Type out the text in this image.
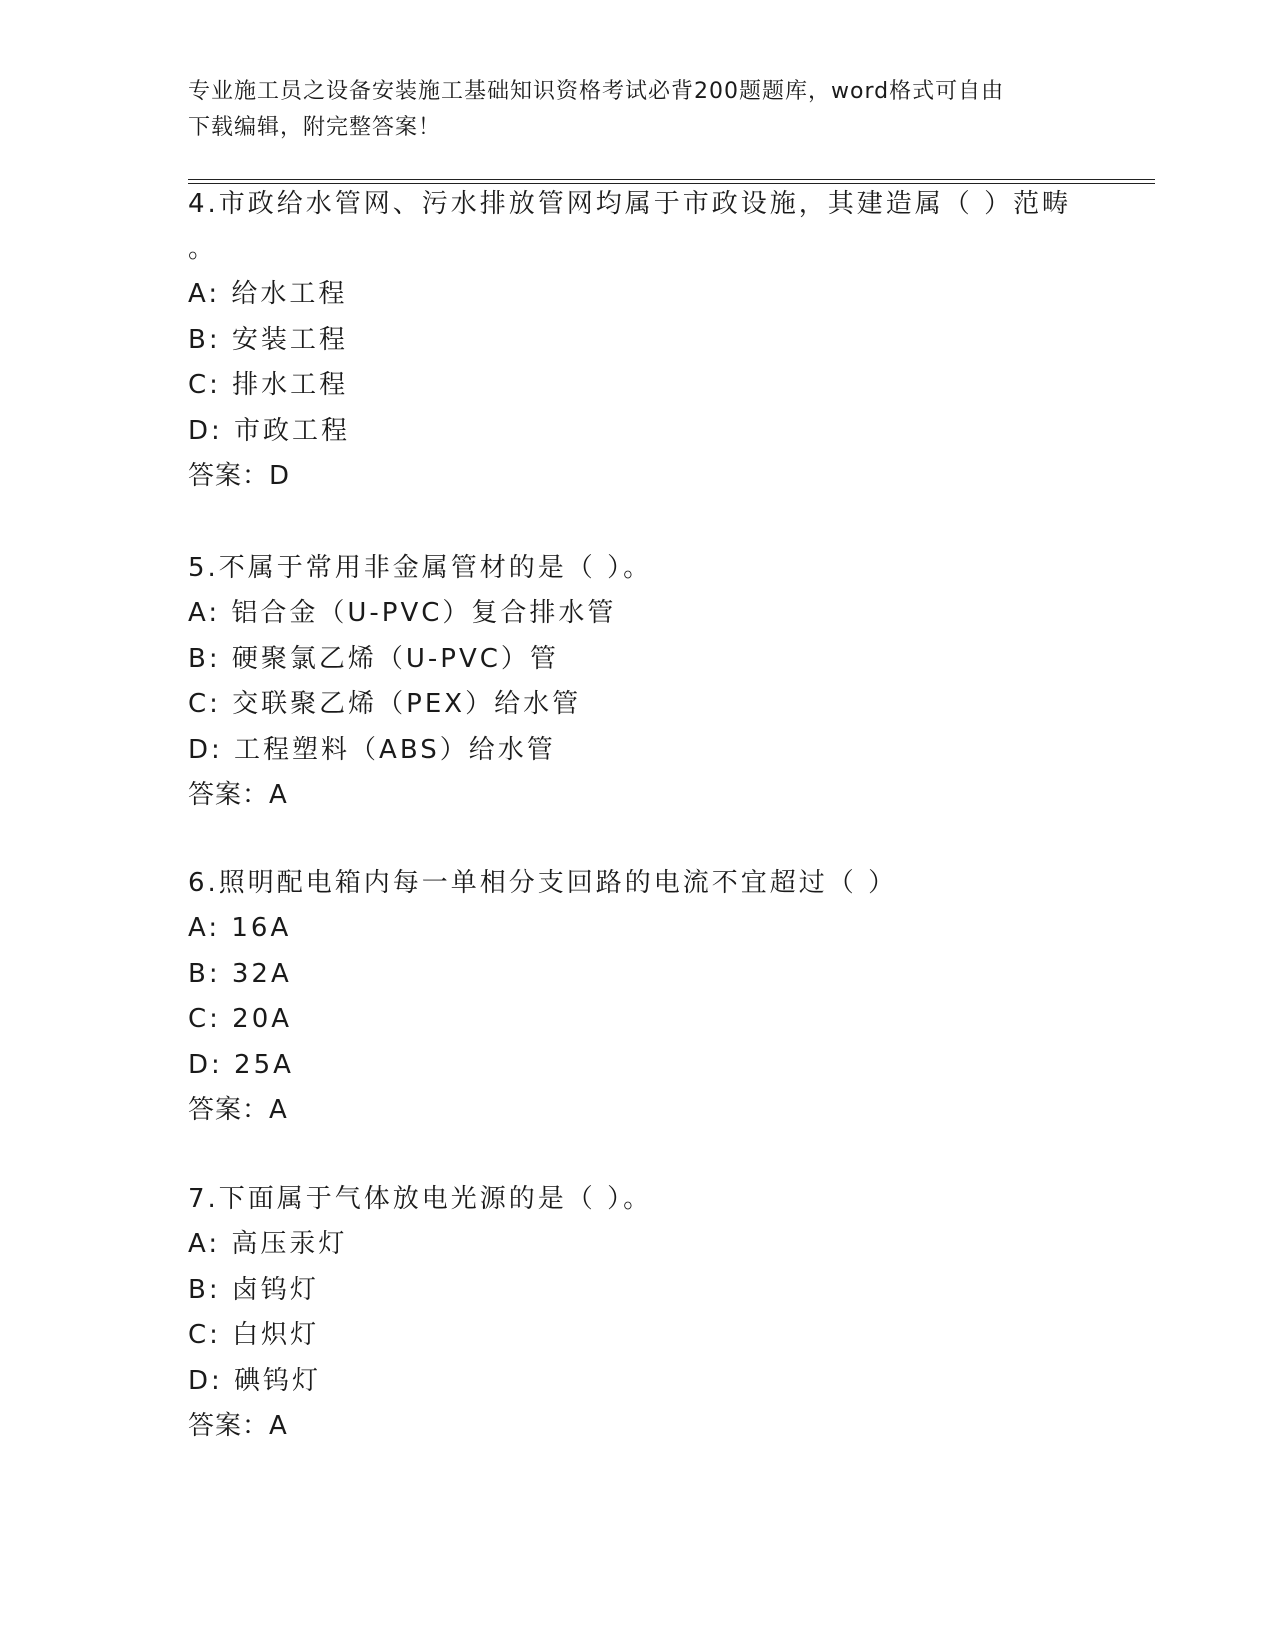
专业施工员之设备安装施工基础知识资格考试必背200题题库，word格式可自由
下载编辑，附完整答案！
4.市政给水管网、污水排放管网均属于市政设施，其建造属（ ）范畴
。
A: 给水工程
B: 安装工程
C: 排水工程
D: 市政工程
答案：D
5.不属于常用非金属管材的是（ ）。
A: 铝合金（U-PVC）复合排水管
B: 硬聚氯乙烯（U-PVC）管
C: 交联聚乙烯（PEX）给水管
D: 工程塑料（ABS）给水管
答案：A
6.照明配电箱内每一单相分支回路的电流不宜超过（ ）
A: 16A
B: 32A
C: 20A
D: 25A
答案：A
7.下面属于气体放电光源的是（ ）。
A: 高压汞灯
B: 卤钨灯
C: 白炽灯
D: 碘钨灯
答案：A
